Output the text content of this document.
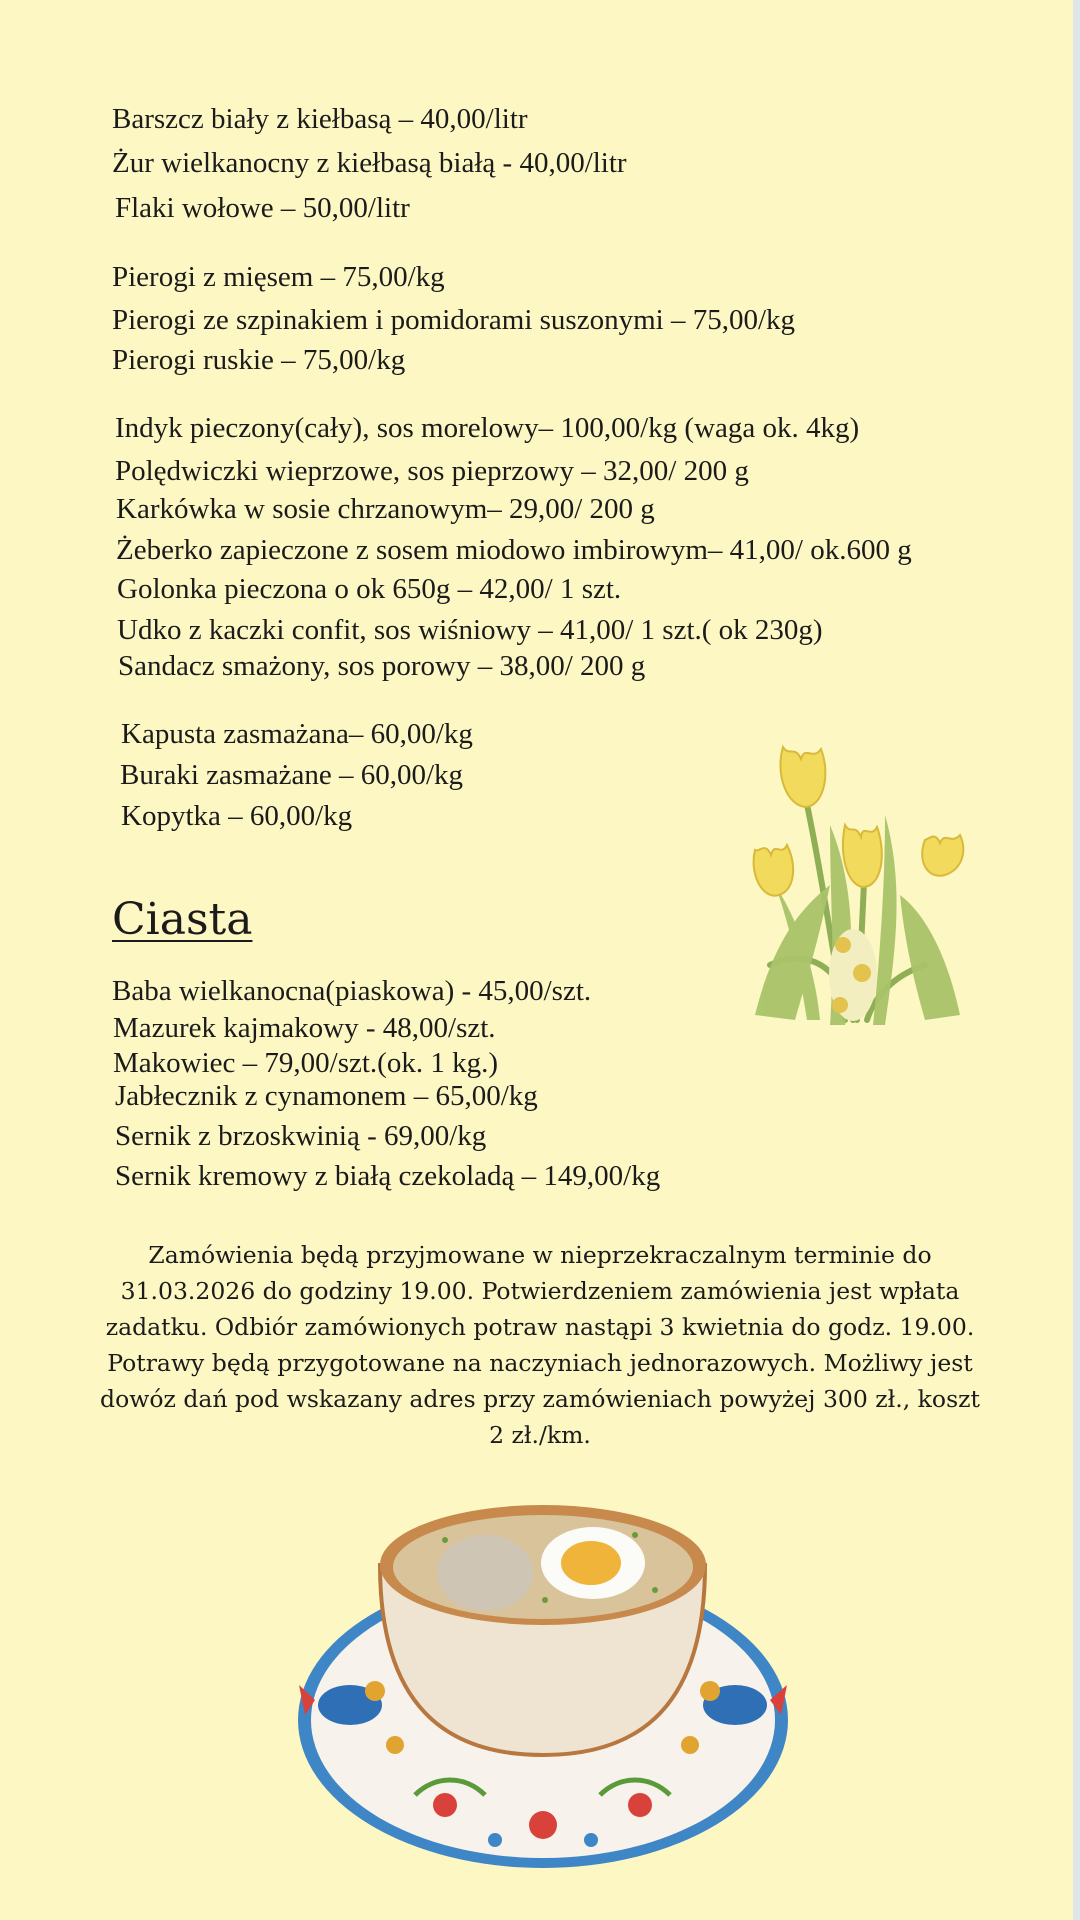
Barszcz biały z kiełbasą – 40,00/litr
Żur wielkanocny z kiełbasą białą - 40,00/litr
Flaki wołowe – 50,00/litr
Pierogi z mięsem – 75,00/kg
Pierogi ze szpinakiem i pomidorami suszonymi – 75,00/kg
Pierogi ruskie – 75,00/kg
Indyk pieczony(cały), sos morelowy– 100,00/kg (waga ok. 4kg)
Polędwiczki wieprzowe, sos pieprzowy – 32,00/ 200 g
Karkówka w sosie chrzanowym– 29,00/ 200 g
Żeberko zapieczone z sosem miodowo imbirowym– 41,00/ ok.600 g
Golonka pieczona o ok 650g – 42,00/ 1 szt.
Udko z kaczki confit, sos wiśniowy – 41,00/ 1 szt.( ok 230g)
Sandacz smażony, sos porowy – 38,00/ 200 g
Kapusta zasmażana– 60,00/kg
Buraki zasmażane – 60,00/kg
Kopytka – 60,00/kg
Ciasta
Baba wielkanocna(piaskowa) - 45,00/szt.
Mazurek kajmakowy - 48,00/szt.
Makowiec – 79,00/szt.(ok. 1 kg.)
Jabłecznik z cynamonem – 65,00/kg
Sernik z brzoskwinią - 69,00/kg
Sernik kremowy z białą czekoladą – 149,00/kg
Zamówienia będą przyjmowane w nieprzekraczalnym terminie do 31.03.2026 do godziny 19.00. Potwierdzeniem zamówienia jest wpłata zadatku. Odbiór zamówionych potraw nastąpi 3 kwietnia do godz. 19.00. Potrawy będą przygotowane na naczyniach jednorazowych. Możliwy jest dowóz dań pod wskazany adres przy zamówieniach powyżej 300 zł., koszt 2 zł./km.
